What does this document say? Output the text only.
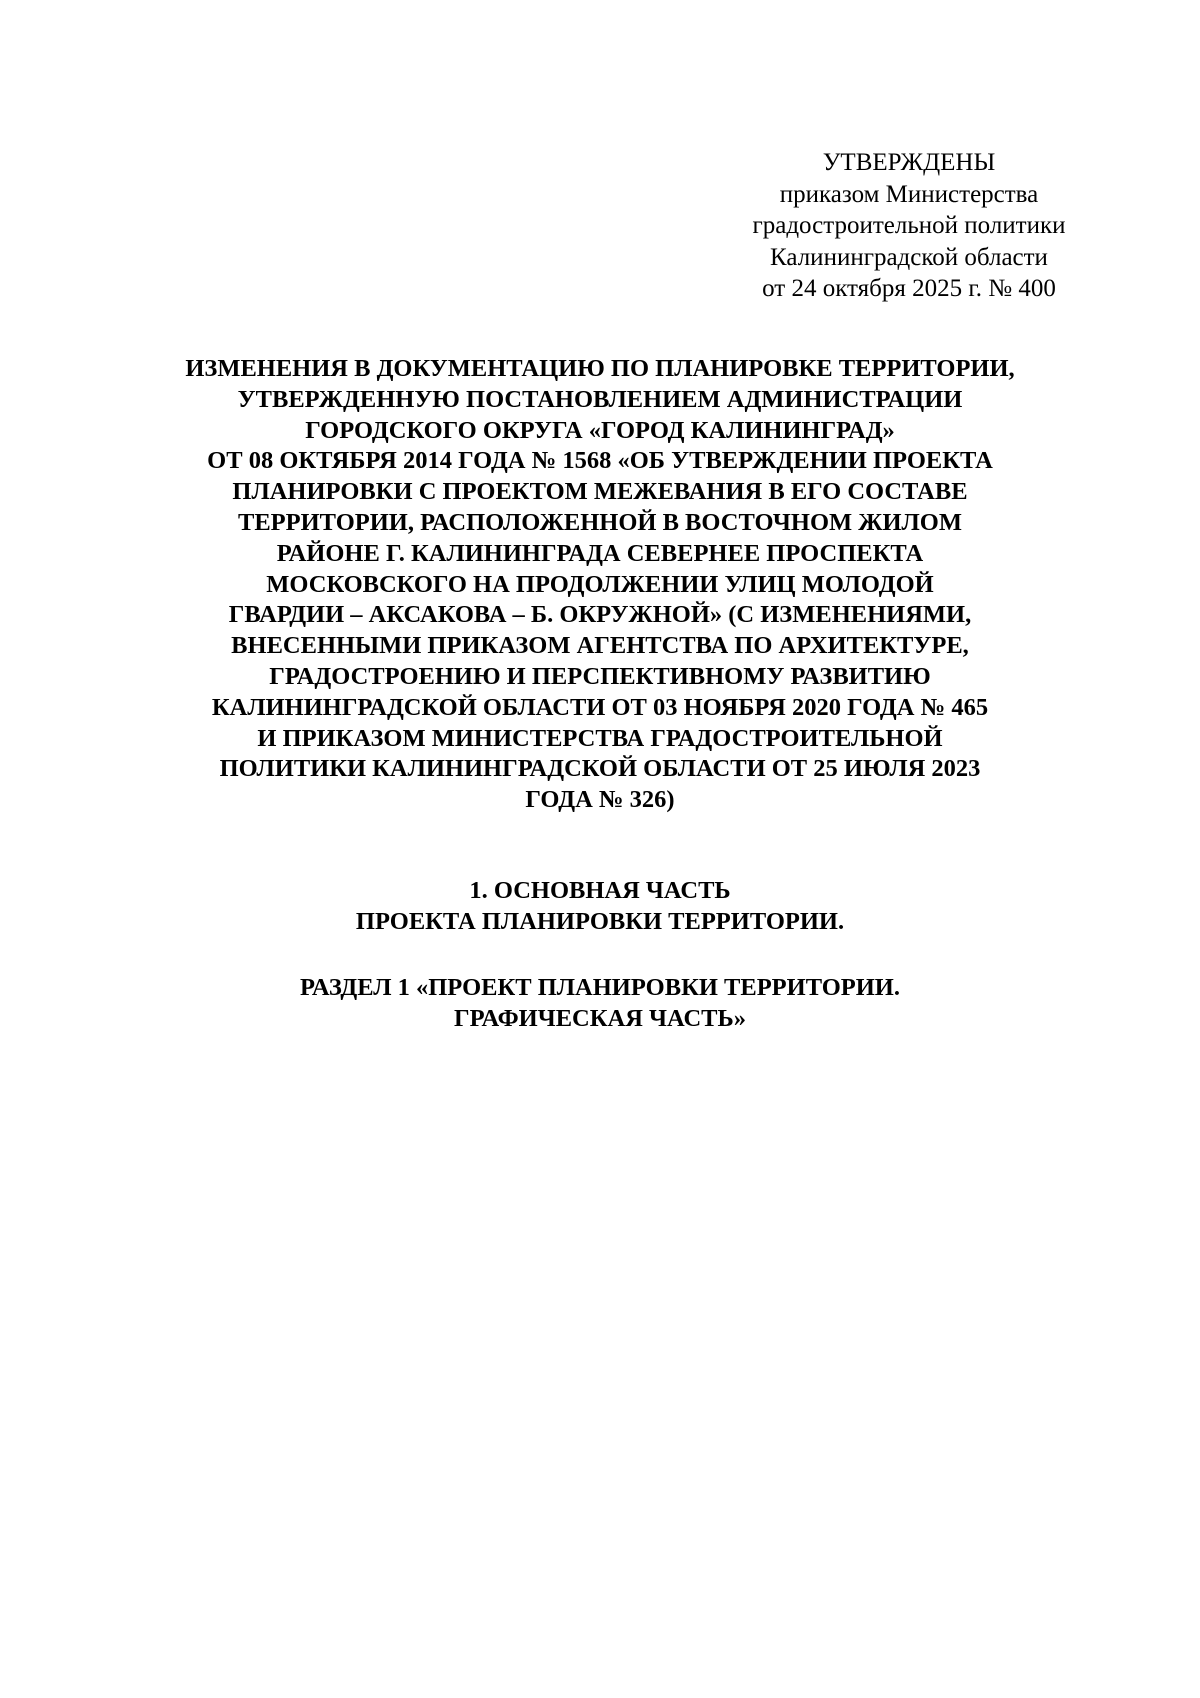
УТВЕРЖДЕНЫ
приказом Министерства
градостроительной политики
Калининградской области
от 24 октября 2025 г. № 400
ИЗМЕНЕНИЯ В ДОКУМЕНТАЦИЮ ПО ПЛАНИРОВКЕ ТЕРРИТОРИИ,
УТВЕРЖДЕННУЮ ПОСТАНОВЛЕНИЕМ АДМИНИСТРАЦИИ
ГОРОДСКОГО ОКРУГА «ГОРОД КАЛИНИНГРАД»
ОТ 08 ОКТЯБРЯ 2014 ГОДА № 1568 «ОБ УТВЕРЖДЕНИИ ПРОЕКТА
ПЛАНИРОВКИ С ПРОЕКТОМ МЕЖЕВАНИЯ В ЕГО СОСТАВЕ
ТЕРРИТОРИИ, РАСПОЛОЖЕННОЙ В ВОСТОЧНОМ ЖИЛОМ
РАЙОНЕ Г. КАЛИНИНГРАДА СЕВЕРНЕЕ ПРОСПЕКТА
МОСКОВСКОГО НА ПРОДОЛЖЕНИИ УЛИЦ МОЛОДОЙ
ГВАРДИИ – АКСАКОВА – Б. ОКРУЖНОЙ» (С ИЗМЕНЕНИЯМИ,
ВНЕСЕННЫМИ ПРИКАЗОМ АГЕНТСТВА ПО АРХИТЕКТУРЕ,
ГРАДОСТРОЕНИЮ И ПЕРСПЕКТИВНОМУ РАЗВИТИЮ
КАЛИНИНГРАДСКОЙ ОБЛАСТИ ОТ 03 НОЯБРЯ 2020 ГОДА № 465
И ПРИКАЗОМ МИНИСТЕРСТВА ГРАДОСТРОИТЕЛЬНОЙ
ПОЛИТИКИ КАЛИНИНГРАДСКОЙ ОБЛАСТИ ОТ 25 ИЮЛЯ 2023
ГОДА № 326)
1. ОСНОВНАЯ ЧАСТЬ
ПРОЕКТА ПЛАНИРОВКИ ТЕРРИТОРИИ.
РАЗДЕЛ 1 «ПРОЕКТ ПЛАНИРОВКИ ТЕРРИТОРИИ.
ГРАФИЧЕСКАЯ ЧАСТЬ»
